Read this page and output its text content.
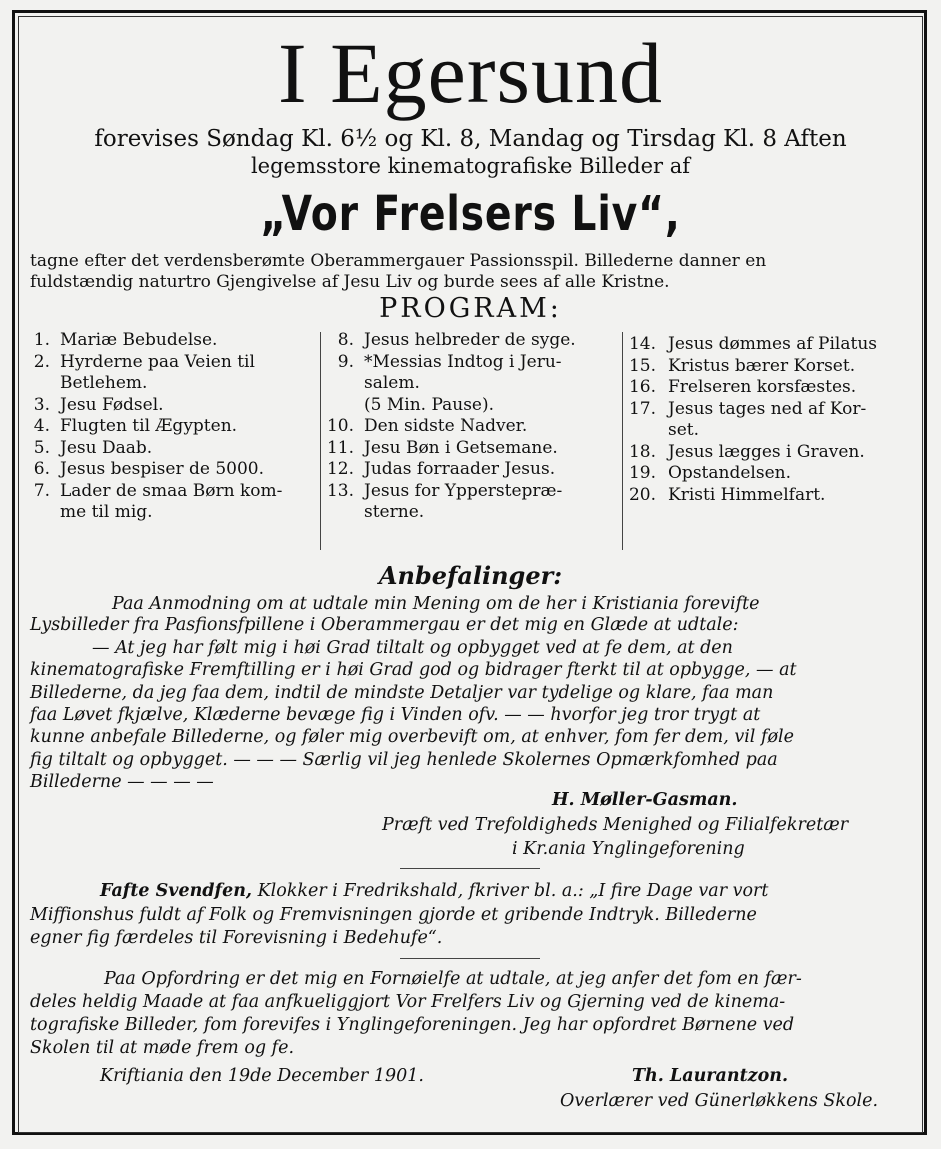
I Egersund
forevises Søndag Kl. 6½ og Kl. 8, Mandag og Tirsdag Kl. 8 Aften
legemsstore kinematografiske Billeder af
„Vor Frelsers Liv“,
tagne efter det verdensberømte Oberammergauer Passionsspil. Billederne danner en
fuldstændig naturtro Gjengivelse af Jesu Liv og burde sees af alle Kristne.
PROGRAM:
1. Mariæ Bebudelse.
2. Hyrderne paa Veien til
Betlehem.
3. Jesu Fødsel.
4. Flugten til Ægypten.
5. Jesu Daab.
6. Jesus bespiser de 5000.
7. Lader de smaa Børn kom-
me til mig.
8. Jesus helbreder de syge.
9. *Messias Indtog i Jeru-
salem.
(5 Min. Pause).
10. Den sidste Nadver.
11. Jesu Bøn i Getsemane.
12. Judas forraader Jesus.
13. Jesus for Ypperstepræ-
sterne.
14. Jesus dømmes af Pilatus
15. Kristus bærer Korset.
16. Frelseren korsfæstes.
17. Jesus tages ned af Kor-
set.
18. Jesus lægges i Graven.
19. Opstandelsen.
20. Kristi Himmelfart.
Anbefalinger:
Paa Anmodning om at udtale min Mening om de her i Kristiania forevifte
Lysbilleder fra Pasfionsfpillene i Oberammergau er det mig en Glæde at udtale:
— At jeg har følt mig i høi Grad tiltalt og opbygget ved at fe dem, at den
kinematografiske Fremftilling er i høi Grad god og bidrager fterkt til at opbygge, — at
Billederne, da jeg faa dem, indtil de mindste Detaljer var tydelige og klare, faa man
faa Løvet fkjælve, Klæderne bevæge fig i Vinden ofv. — — hvorfor jeg tror trygt at
kunne anbefale Billederne, og føler mig overbevift om, at enhver, fom fer dem, vil føle
fig tiltalt og opbygget. — — — Særlig vil jeg henlede Skolernes Opmærkfomhed paa
Billederne — — — —
H. Møller-Gasman.
Præft ved Trefoldigheds Menighed og Filialfekretær
i Kr.ania Ynglingeforening
Fafte Svendfen, Klokker i Fredrikshald, fkriver bl. a.: „I fire Dage var vort
Miffionshus fuldt af Folk og Fremvisningen gjorde et gribende Indtryk. Billederne
egner fig færdeles til Forevisning i Bedehufe“.
Paa Opfordring er det mig en Fornøielfe at udtale, at jeg anfer det fom en fær-
deles heldig Maade at faa anfkueliggjort Vor Frelfers Liv og Gjerning ved de kinema-
tografiske Billeder, fom forevifes i Ynglingeforeningen. Jeg har opfordret Børnene ved
Skolen til at møde frem og fe.
Kriftiania den 19de December 1901.	Th. Laurantzon.
Overlærer ved Günerløkkens Skole.
